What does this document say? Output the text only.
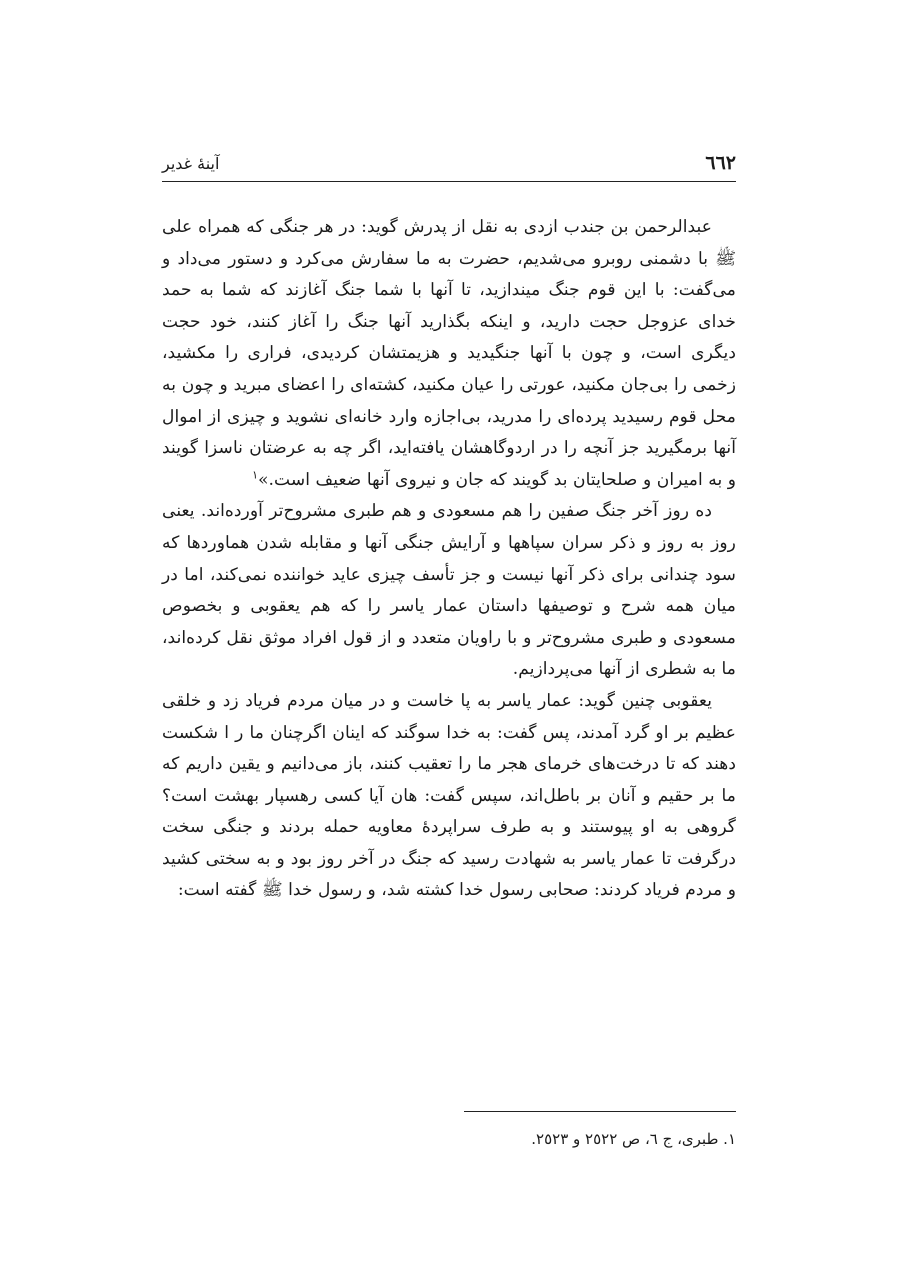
٦٦٢
آینهٔ غدیر

عبدالرحمن بن جندب ازدی به نقل از پدرش گوید: در هر جنگی که همراه علی ﷺ با دشمنی روبرو می‌شدیم، حضرت به ما سفارش می‌کرد و دستور می‌داد و می‌گفت: با این قوم جنگ میندازید، تا آنها با شما جنگ آغازند که شما به حمد خدای عزوجل حجت دارید، و اینکه بگذارید آنها جنگ را آغاز کنند، خود حجت دیگری است، و چون با آنها جنگیدید و هزیمتشان کردیدی، فراری را مکشید، زخمی را بی‌جان مکنید، عورتی را عیان مکنید، کشته‌ای را اعضای مبرید و چون به محل قوم رسیدید پرده‌ای را مدرید، بی‌اجازه وارد خانه‌ای نشوید و چیزی از اموال آنها برمگیرید جز آنچه را در اردوگاهشان یافته‌اید، اگر چه به عرضتان ناسزا گویند و به امیران و صلحایتان بد گویند که جان و نیروی آنها ضعیف است.»$^١$

ده روز آخر جنگ صفین را هم مسعودی و هم طبری مشروح‌تر آورده‌اند. یعنی روز به روز و ذکر سران سپاهها و آرایش جنگی آنها و مقابله شدن هماوردها که سود چندانی برای ذکر آنها نیست و جز تأسف چیزی عاید خواننده نمی‌کند، اما در میان همه شرح و توصیفها داستان عمار یاسر را که هم یعقوبی و بخصوص مسعودی و طبری مشروح‌تر و با راویان متعدد و از قول افراد موثق نقل کرده‌اند، ما به شطری از آنها می‌پردازیم.

یعقوبی چنین گوید: عمار یاسر به پا خاست و در میان مردم فریاد زد و خلقی عظیم بر او گرد آمدند، پس گفت: به خدا سوگند که اینان اگرچنان ما ر ا شکست دهند که تا درخت‌های خرمای هجر ما را تعقیب کنند، باز می‌دانیم و یقین داریم که ما بر حقیم و آنان بر باطل‌اند، سپس گفت: هان آیا کسی رهسپار بهشت است؟ گروهی به او پیوستند و به طرف سراپردهٔ معاویه حمله بردند و جنگی سخت درگرفت تا عمار یاسر به شهادت رسید که جنگ در آخر روز بود و به سختی کشید و مردم فریاد کردند: صحابی رسول خدا کشته شد، و رسول خدا ﷺ گفته است:

١. طبری، ج ٦، ص ٢٥٢٢ و ٢٥٢٣.
